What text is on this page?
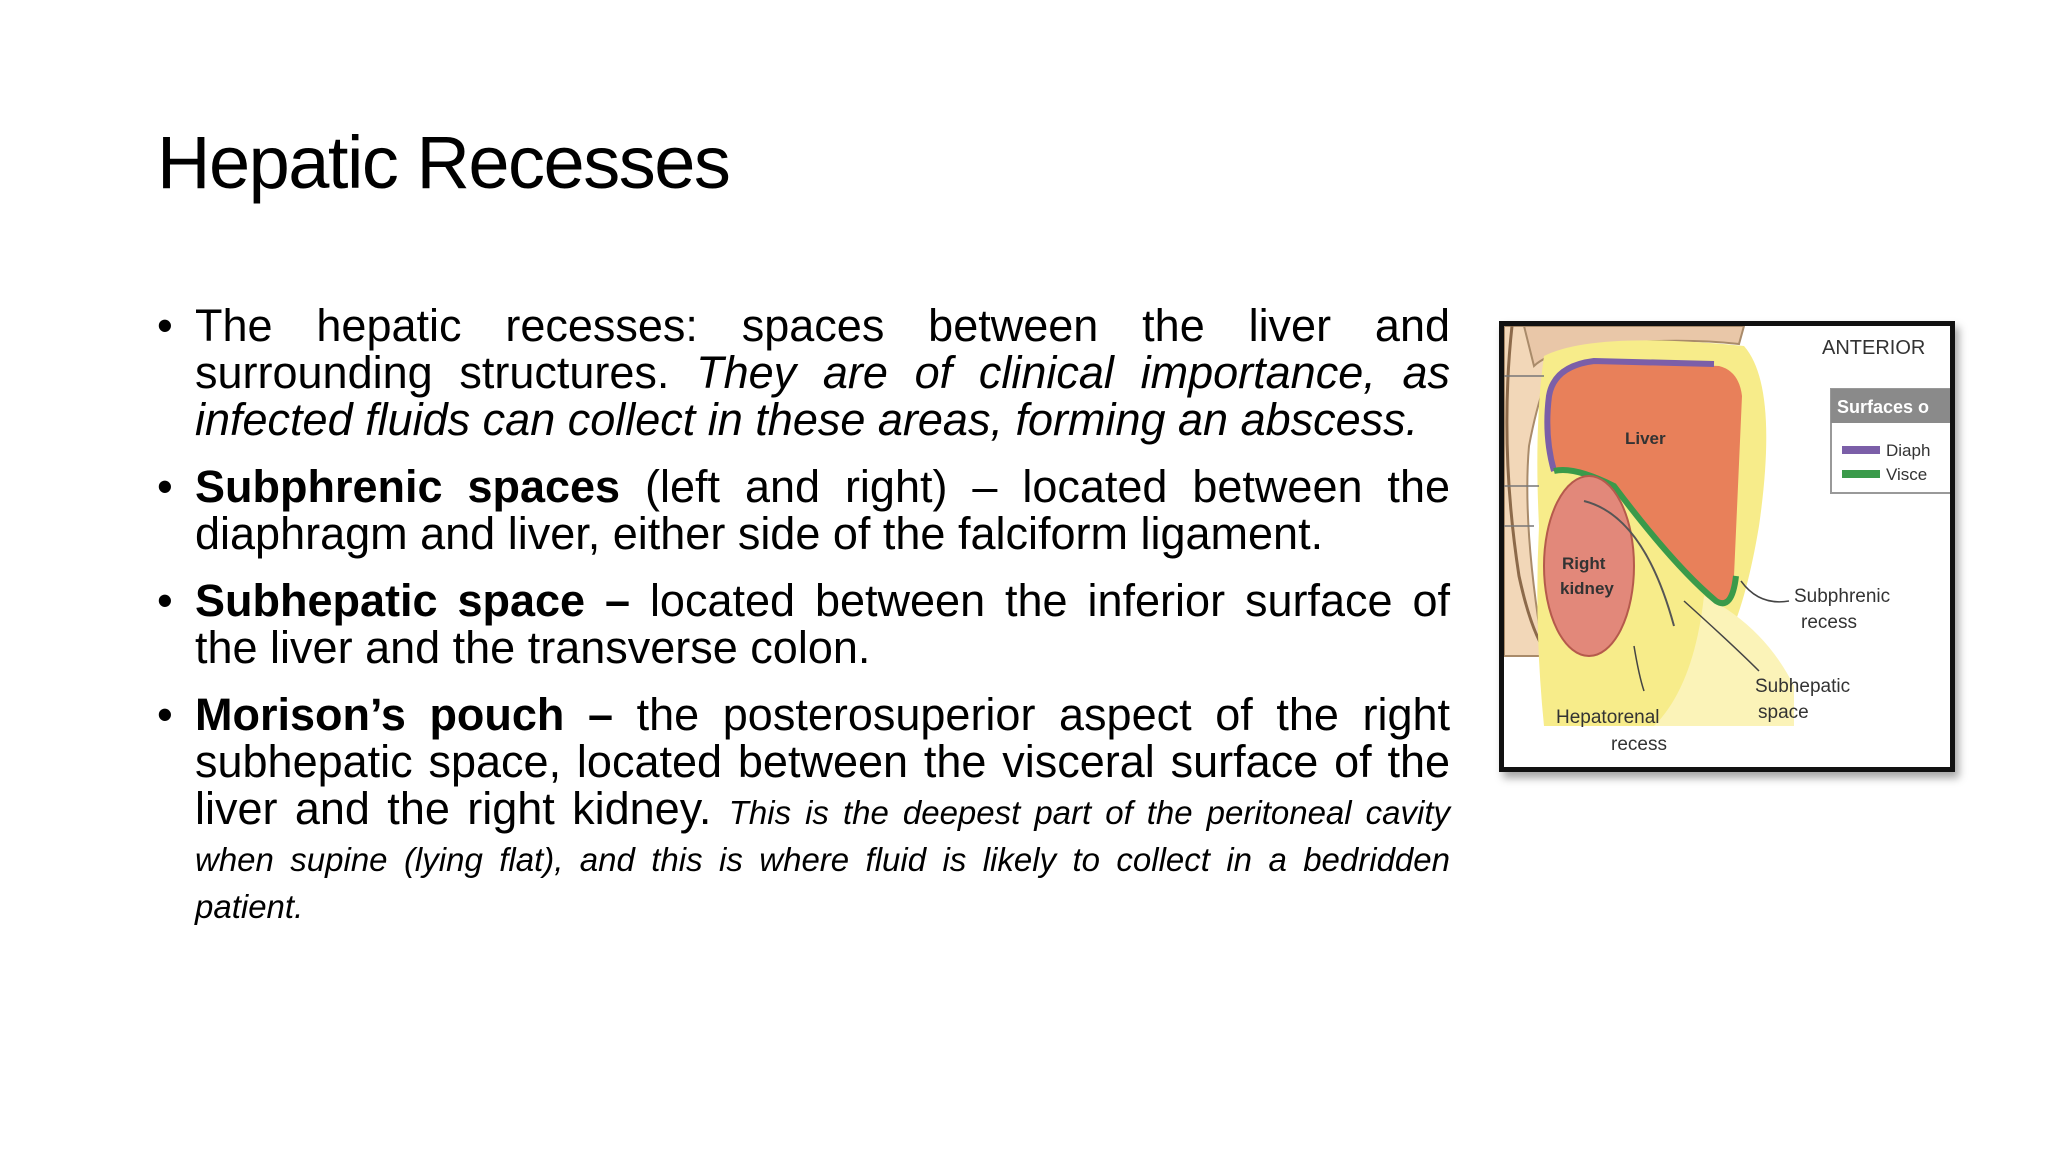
Hepatic Recesses
• The hepatic recesses: spaces between the liver and surrounding structures. They are of clinical importance, as infected fluids can collect in these areas, forming an abscess.
• Subphrenic spaces (left and right) – located between the diaphragm and liver, either side of the falciform ligament.
• Subhepatic space – located between the inferior surface of the liver and the transverse colon.
• Morison’s pouch – the posterosuperior aspect of the right subhepatic space, located between the visceral surface of the liver and the right kidney. This is the deepest part of the peritoneal cavity when supine (lying flat), and this is where fluid is likely to collect in a bedridden patient.
ANTERIOR
Surfaces o
Diaph
Visce
Liver
Right
kidney	Subphrenic
recess
Subhepatic
space
Hepatorenal
recess
